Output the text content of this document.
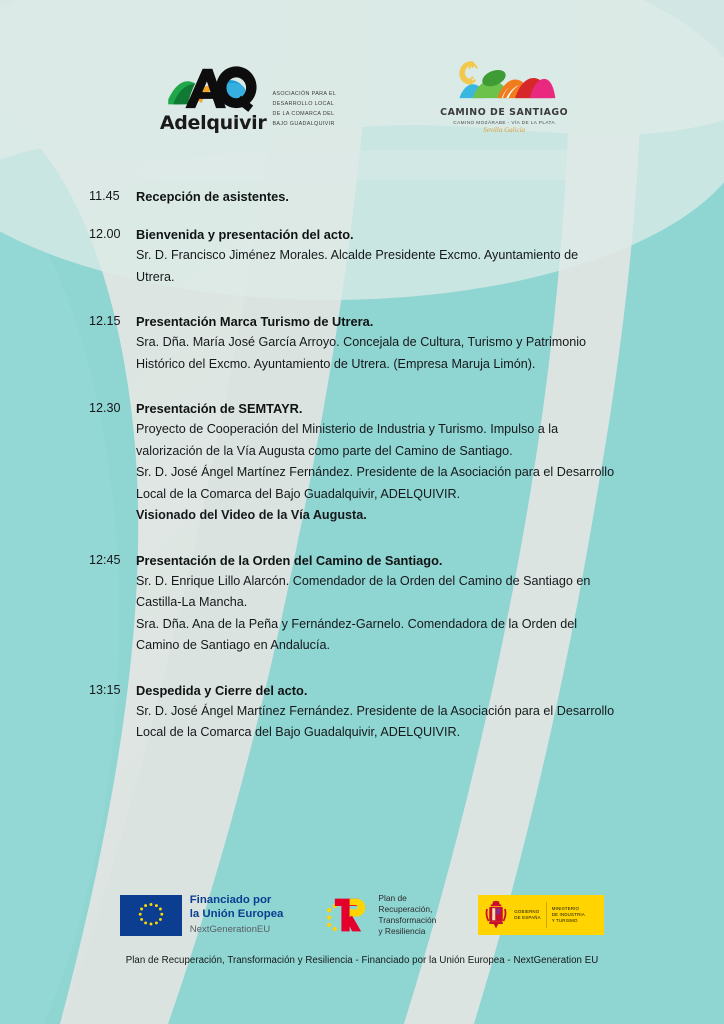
Adelquivir
ASOCIACIÓN PARA EL
DESARROLLO LOCAL
DE LA COMARCA DEL
BAJO GUADALQUIVIR
CAMINO DE SANTIAGO
CAMINO MOZÁRABE - VÍA DE LA PLATA
Sevilla Galicia
11.45	Recepción de asistentes.
12.00	Bienvenida y presentación del acto.
Sr. D. Francisco Jiménez Morales. Alcalde Presidente Excmo. Ayuntamiento de
Utrera.
12.15	Presentación Marca Turismo de Utrera.
Sra. Dña. María José García Arroyo. Concejala de Cultura, Turismo y Patrimonio
Histórico del Excmo. Ayuntamiento de Utrera. (Empresa Maruja Limón).
12.30	Presentación de SEMTAYR.
Proyecto de Cooperación del Ministerio de Industria y Turismo. Impulso a la
valorización de la Vía Augusta como parte del Camino de Santiago.
Sr. D. José Ángel Martínez Fernández. Presidente de la Asociación para el Desarrollo
Local de la Comarca del Bajo Guadalquivir, ADELQUIVIR.
Visionado del Video de la Vía Augusta.
12:45	Presentación de la Orden del Camino de Santiago.
Sr. D. Enrique Lillo Alarcón. Comendador de la Orden del Camino de Santiago en
Castilla-La Mancha.
Sra. Dña. Ana de la Peña y Fernández-Garnelo. Comendadora de la Orden del
Camino de Santiago en Andalucía.
13:15	Despedida y Cierre del acto.
Sr. D. José Ángel Martínez Fernández. Presidente de la Asociación para el Desarrollo
Local de la Comarca del Bajo Guadalquivir, ADELQUIVIR.
Financiado por
la Unión Europea
NextGenerationEU
Plan de
Recuperación,
Transformación
y Resiliencia
GOBIERNO
DE ESPAÑA
MINISTERIO
DE INDUSTRIA
Y TURISMO
Plan de Recuperación, Transformación y Resiliencia - Financiado por la Unión Europea - NextGeneration EU
